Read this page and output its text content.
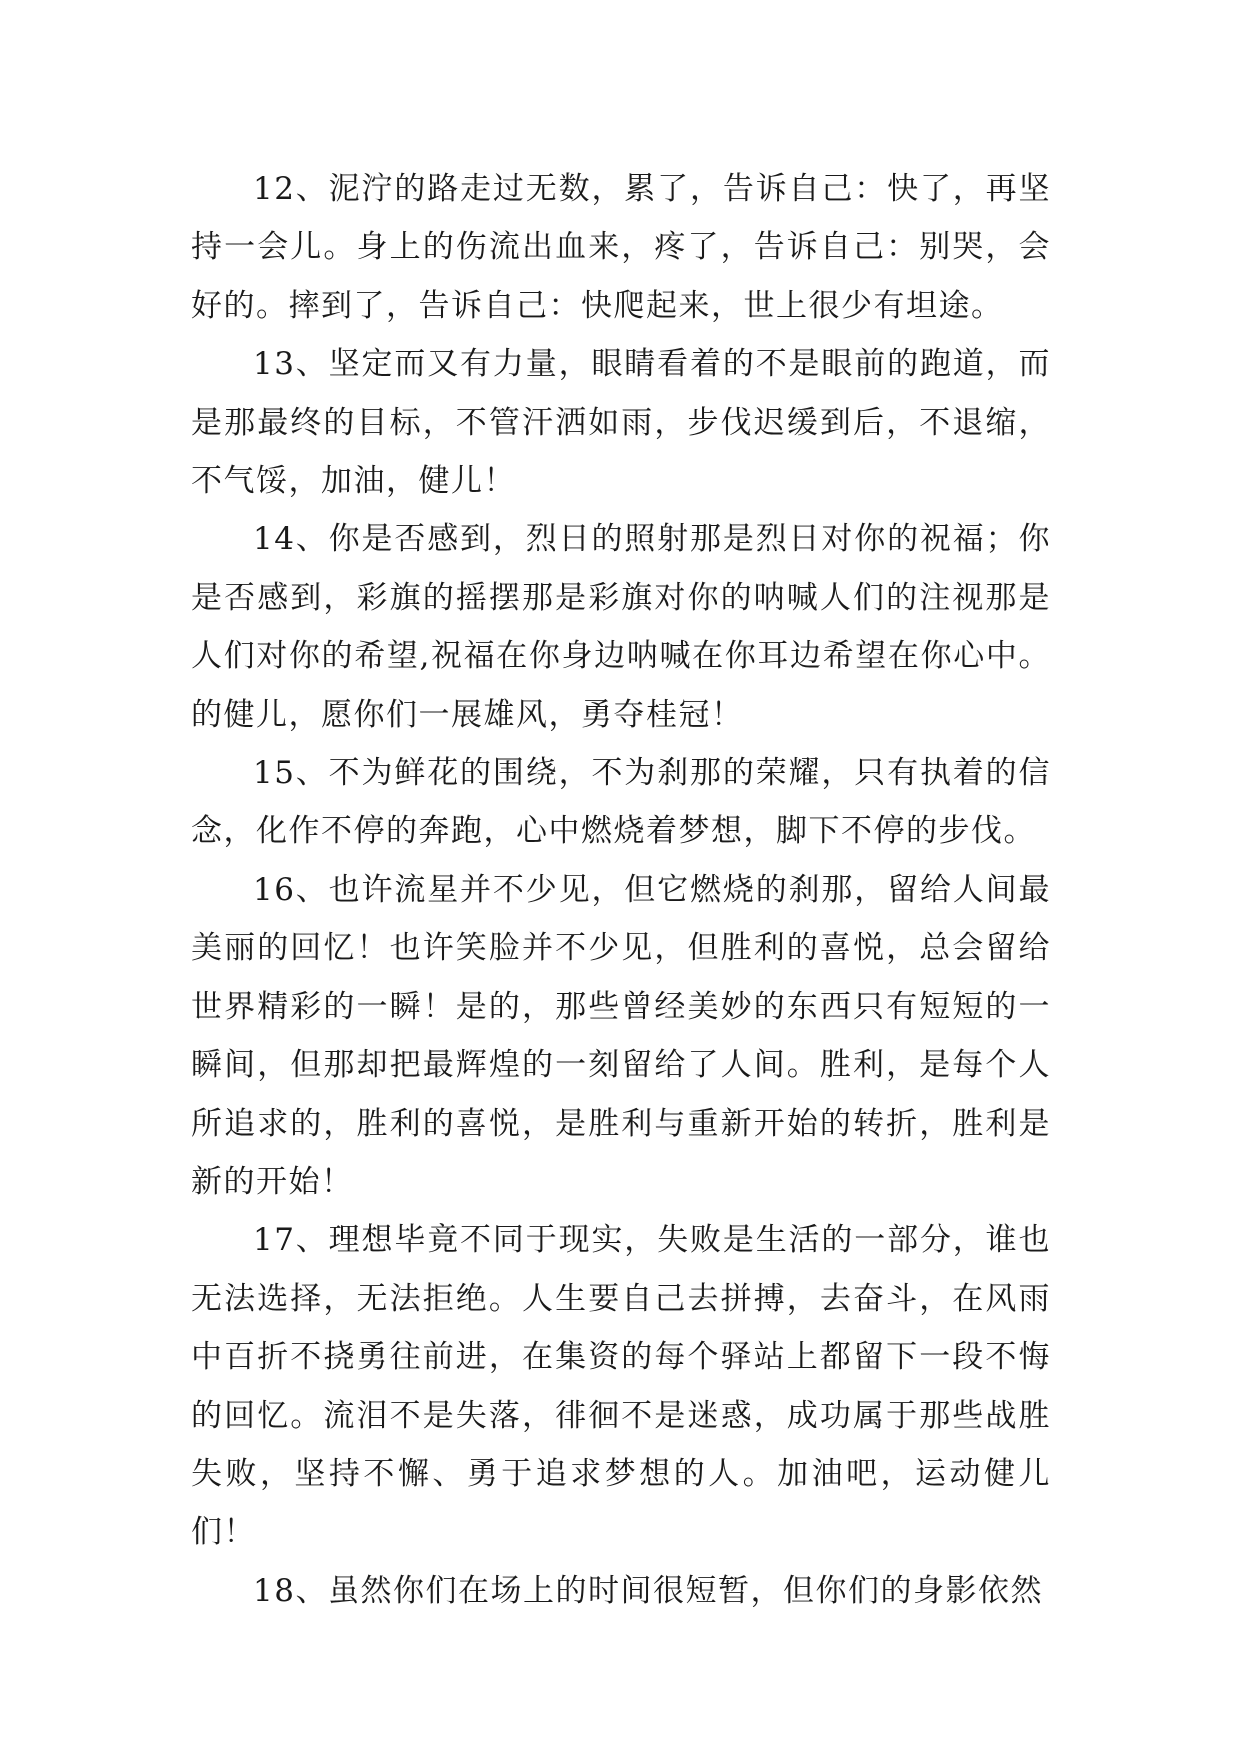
12、泥泞的路走过无数，累了，告诉自己：快了，再坚持一会儿。身上的伤流出血来，疼了，告诉自己：别哭，会好的。摔到了，告诉自己：快爬起来，世上很少有坦途。

13、坚定而又有力量，眼睛看着的不是眼前的跑道，而是那最终的目标，不管汗洒如雨，步伐迟缓到后，不退缩，不气馁，加油，健儿！

14、你是否感到，烈日的照射那是烈日对你的祝福；你是否感到，彩旗的摇摆那是彩旗对你的呐喊人们的注视那是人们对你的希望,祝福在你身边呐喊在你耳边希望在你心中。的健儿，愿你们一展雄风，勇夺桂冠！

15、不为鲜花的围绕，不为刹那的荣耀，只有执着的信念，化作不停的奔跑，心中燃烧着梦想，脚下不停的步伐。

16、也许流星并不少见，但它燃烧的刹那，留给人间最美丽的回忆！也许笑脸并不少见，但胜利的喜悦，总会留给世界精彩的一瞬！是的，那些曾经美妙的东西只有短短的一瞬间，但那却把最辉煌的一刻留给了人间。胜利，是每个人所追求的，胜利的喜悦，是胜利与重新开始的转折，胜利是新的开始！

17、理想毕竟不同于现实，失败是生活的一部分，谁也无法选择，无法拒绝。人生要自己去拼搏，去奋斗，在风雨中百折不挠勇往前进，在集资的每个驿站上都留下一段不悔的回忆。流泪不是失落，徘徊不是迷惑，成功属于那些战胜失败，坚持不懈、勇于追求梦想的人。加油吧，运动健儿们！

18、虽然你们在场上的时间很短暂，但你们的身影依然
